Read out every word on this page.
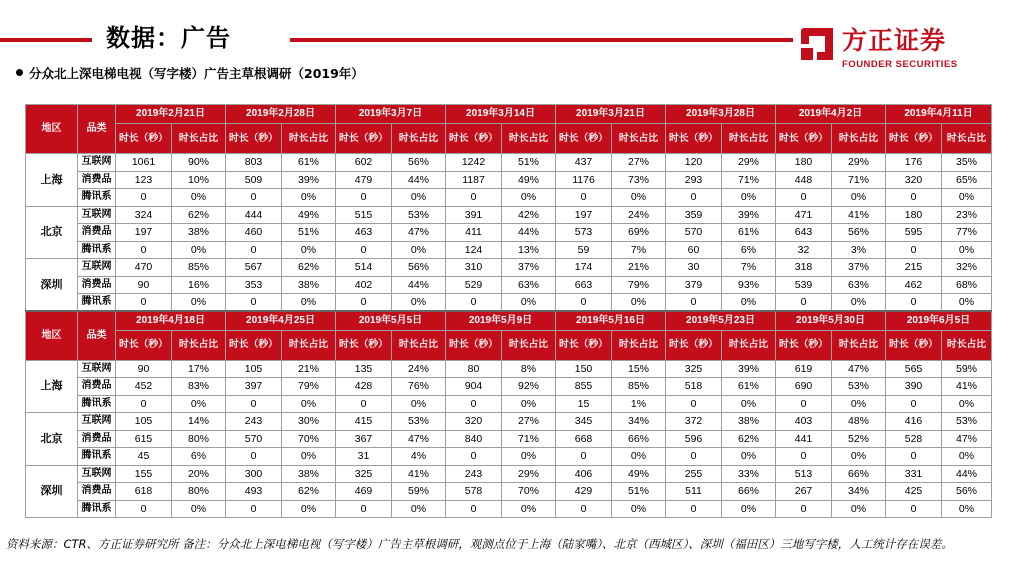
数据：广告	方正证券
FOUNDER SECURITIES
分众北上深电梯电视（写字楼）广告主草根调研（2019年）
地区	品类	2019年2月21日		2019年2月28日		2019年3月7日		2019年3月14日		2019年3月21日		2019年3月28日		2019年4月2日		2019年4月11日	
		时长（秒）	时长占比	时长（秒）	时长占比	时长（秒）	时长占比	时长（秒）	时长占比	时长（秒）	时长占比	时长（秒）	时长占比	时长（秒）	时长占比	时长（秒）	时长占比
上海	互联网	1061	90%	803	61%	602	56%	1242	51%	437	27%	120	29%	180	29%	176	35%
	消费品	123	10%	509	39%	479	44%	1187	49%	1176	73%	293	71%	448	71%	320	65%
	腾讯系	0	0%	0	0%	0	0%	0	0%	0	0%	0	0%	0	0%	0	0%
北京	互联网	324	62%	444	49%	515	53%	391	42%	197	24%	359	39%	471	41%	180	23%
	消费品	197	38%	460	51%	463	47%	411	44%	573	69%	570	61%	643	56%	595	77%
	腾讯系	0	0%	0	0%	0	0%	124	13%	59	7%	60	6%	32	3%	0	0%
深圳	互联网	470	85%	567	62%	514	56%	310	37%	174	21%	30	7%	318	37%	215	32%
	消费品	90	16%	353	38%	402	44%	529	63%	663	79%	379	93%	539	63%	462	68%
	腾讯系	0	0%	0	0%	0	0%	0	0%	0	0%	0	0%	0	0%	0	0%
地区	品类	2019年4月18日		2019年4月25日		2019年5月5日		2019年5月9日		2019年5月16日		2019年5月23日		2019年5月30日		2019年6月5日	
		时长（秒）	时长占比	时长（秒）	时长占比	时长（秒）	时长占比	时长（秒）	时长占比	时长（秒）	时长占比	时长（秒）	时长占比	时长（秒）	时长占比	时长（秒）	时长占比
上海	互联网	90	17%	105	21%	135	24%	80	8%	150	15%	325	39%	619	47%	565	59%
	消费品	452	83%	397	79%	428	76%	904	92%	855	85%	518	61%	690	53%	390	41%
	腾讯系	0	0%	0	0%	0	0%	0	0%	15	1%	0	0%	0	0%	0	0%
北京	互联网	105	14%	243	30%	415	53%	320	27%	345	34%	372	38%	403	48%	416	53%
	消费品	615	80%	570	70%	367	47%	840	71%	668	66%	596	62%	441	52%	528	47%
	腾讯系	45	6%	0	0%	31	4%	0	0%	0	0%	0	0%	0	0%	0	0%
深圳	互联网	155	20%	300	38%	325	41%	243	29%	406	49%	255	33%	513	66%	331	44%
	消费品	618	80%	493	62%	469	59%	578	70%	429	51%	511	66%	267	34%	425	56%
	腾讯系	0	0%	0	0%	0	0%	0	0%	0	0%	0	0%	0	0%	0	0%
资料来源：CTR、方正证券研究所 备注：分众北上深电梯电视（写字楼）广告主草根调研，观测点位于上海（陆家嘴）、北京（西城区）、深圳（福田区）三地写字楼，人工统计存在误差。
